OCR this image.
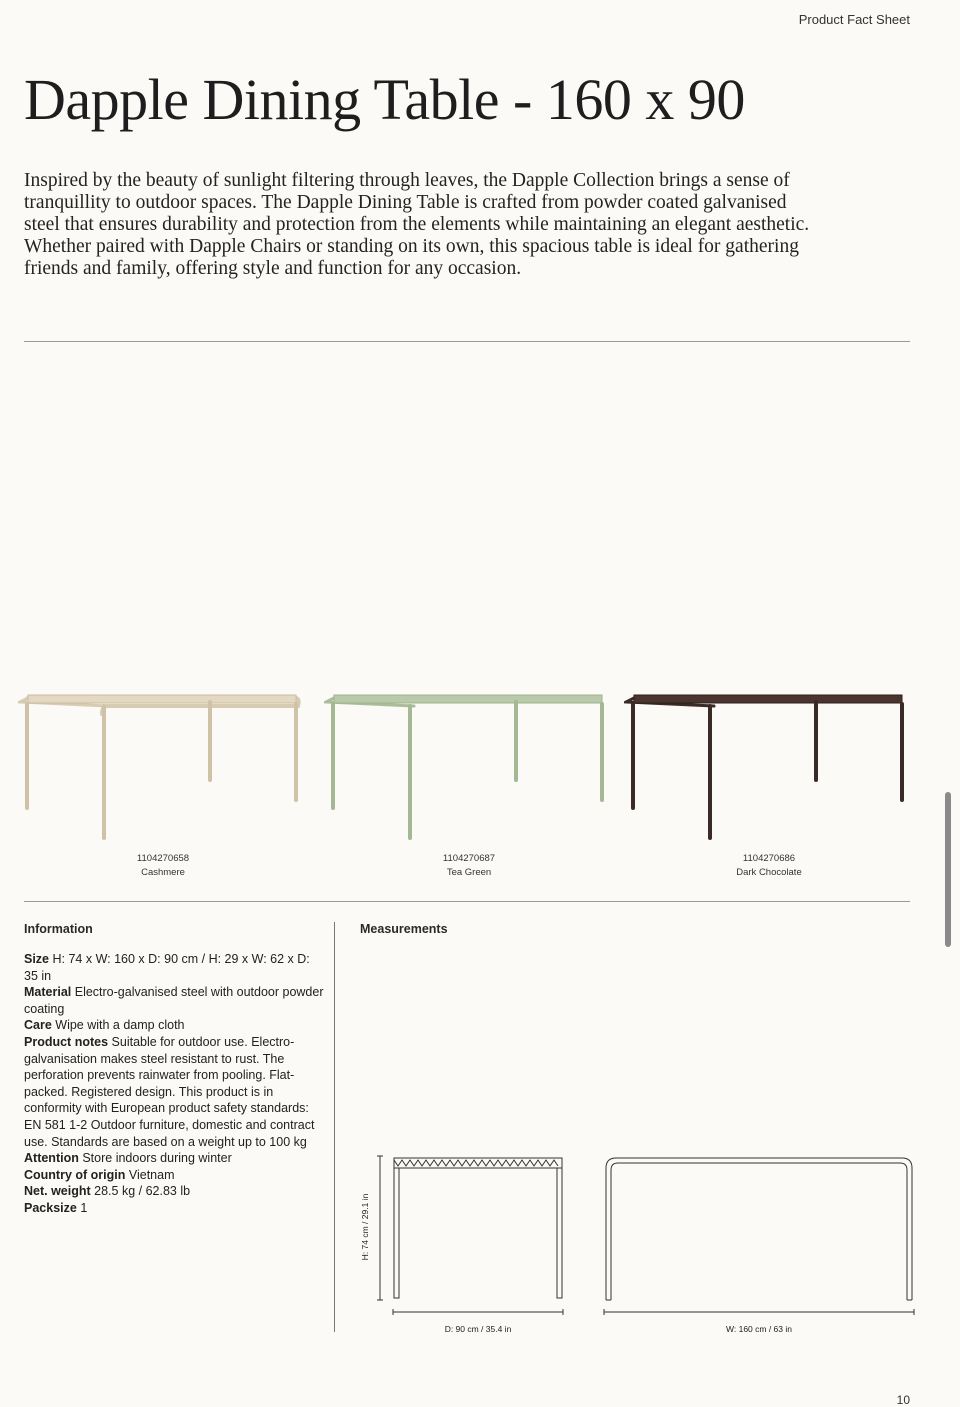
Product Fact Sheet
Dapple Dining Table - 160 x 90

Inspired by the beauty of sunlight filtering through leaves, the Dapple Collection brings a sense of tranquillity to outdoor spaces. The Dapple Dining Table is crafted from powder coated galvanised steel that ensures durability and protection from the elements while maintaining an elegant aesthetic. Whether paired with Dapple Chairs or standing on its own, this spacious table is ideal for gathering friends and family, offering style and function for any occasion.

1104270658
Cashmere
1104270687
Tea Green
1104270686
Dark Chocolate
Information
Size H: 74 x W: 160 x D: 90 cm / H: 29 x W: 62 x D: 35 in
Material Electro-galvanised steel with outdoor powder coating
Care Wipe with a damp cloth
Product notes Suitable for outdoor use. Electro-galvanisation makes steel resistant to rust. The perforation prevents rainwater from pooling. Flat-packed. Registered design. This product is in conformity with European product safety standards: EN 581 1-2 Outdoor furniture, domestic and contract use. Standards are based on a weight up to 100 kg
Attention Store indoors during winter
Country of origin Vietnam
Net. weight 28.5 kg / 62.83 lb
Packsize 1
Measurements
H: 74 cm / 29.1 in
D: 90 cm / 35.4 in	W: 160 cm / 63 in
10
